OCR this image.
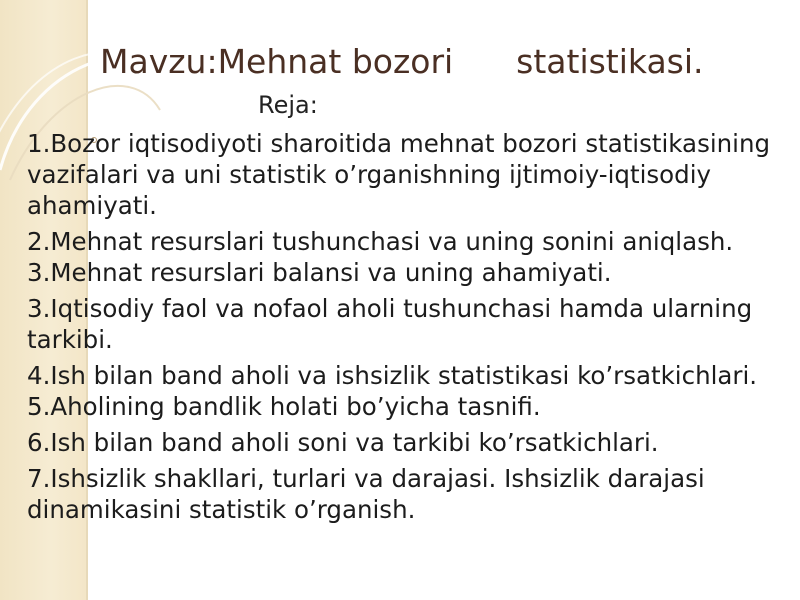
Mavzu:Mehnat bozori      statistikasi.
Reja:
1.Bozor iqtisodiyoti sharoitida mehnat bozori statistikasining vazifalari va uni statistik o’rganishning ijtimoiy-iqtisodiy ahamiyati.
2.Mehnat resurslari tushunchasi va uning sonini aniqlash. 3.Mehnat resurslari balansi va uning ahamiyati.
3.Iqtisodiy faol va nofaol aholi tushunchasi hamda ularning tarkibi.
4.Ish bilan band aholi va ishsizlik statistikasi ko’rsatkichlari. 5.Aholining bandlik holati bo’yicha tasnifi.
6.Ish bilan band aholi soni va tarkibi ko’rsatkichlari.
7.Ishsizlik shakllari, turlari va darajasi. Ishsizlik darajasi dinamikasini statistik o’rganish.
